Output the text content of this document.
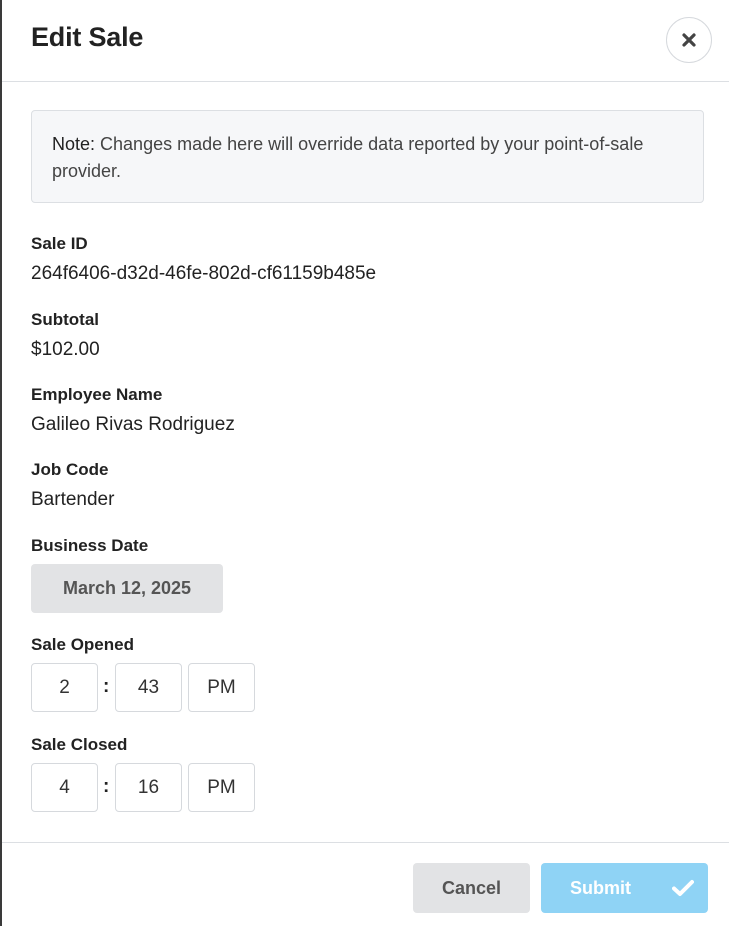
Edit Sale
Note: Changes made here will override data reported by your point-of-sale provider.
Sale ID
264f6406-d32d-46fe-802d-cf61159b485e
Subtotal
$102.00
Employee Name
Galileo Rivas Rodriguez
Job Code
Bartender
Business Date
March 12, 2025
Sale Opened
2	:	43	PM
Sale Closed
4	:	16	PM
Cancel	Submit
